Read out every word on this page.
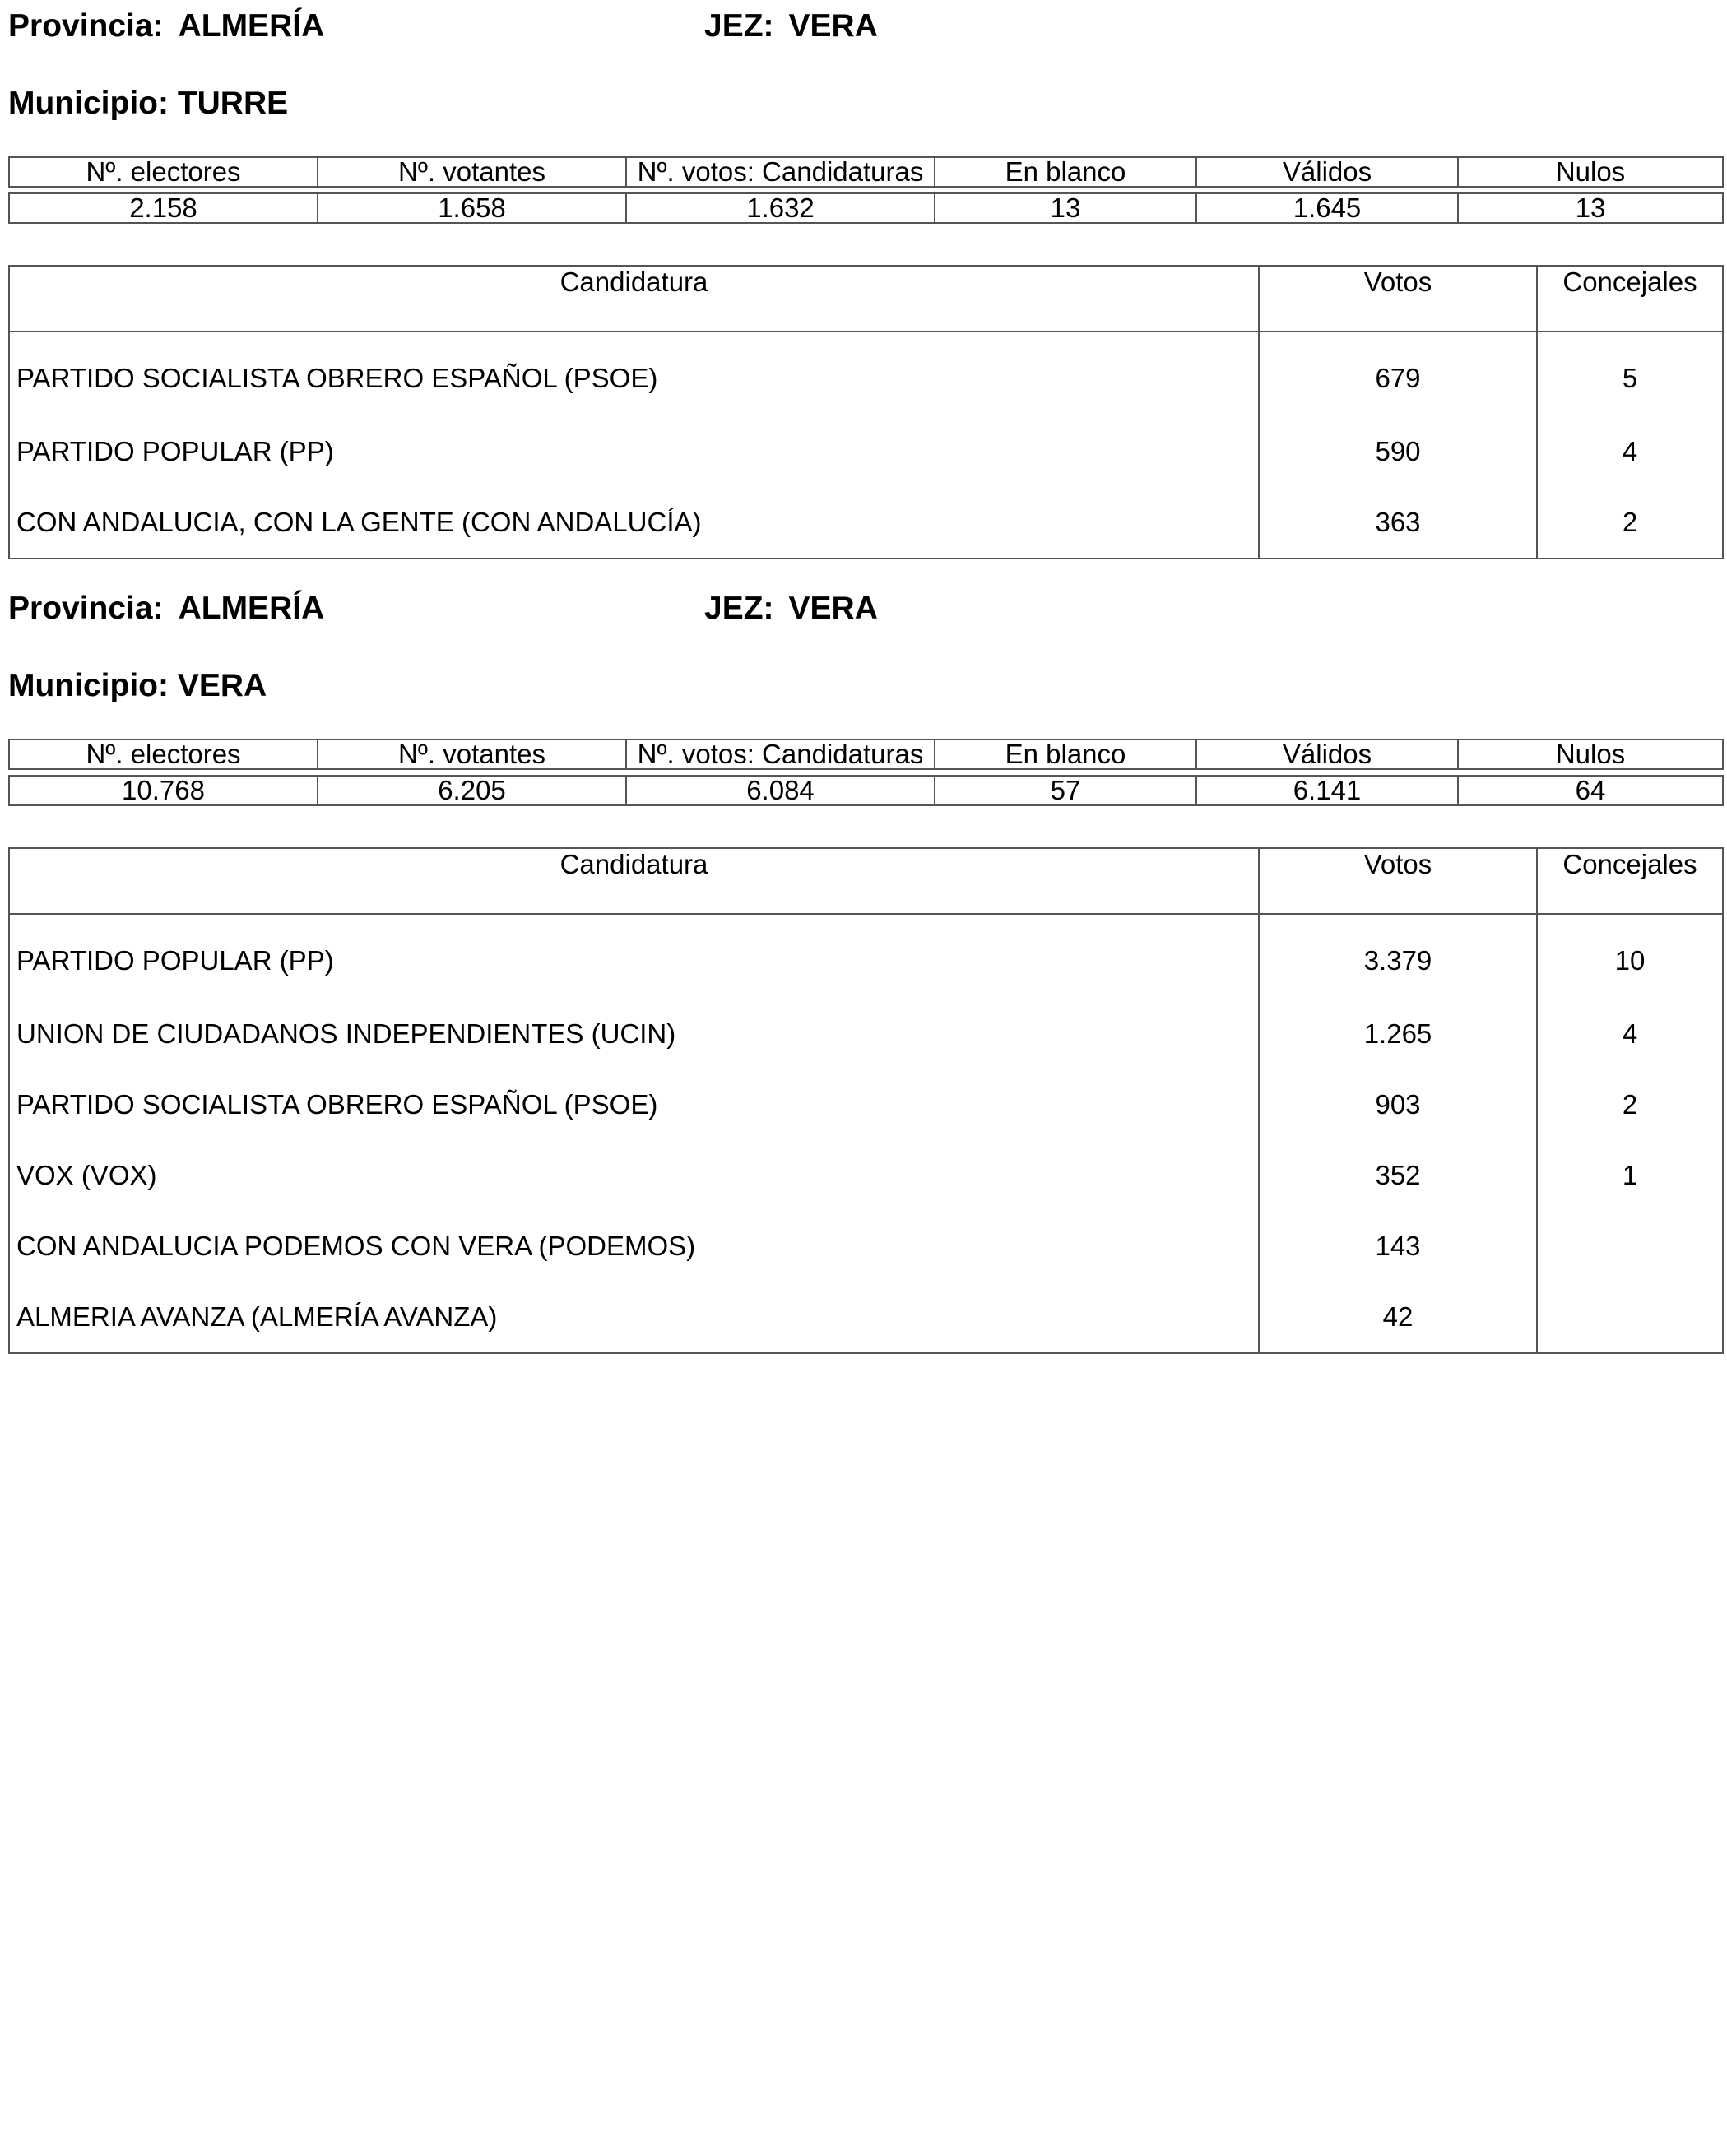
Provincia: ALMERÍA	JEZ: VERA
Municipio: TURRE
Nº. electores	Nº. votantes	Nº. votos: Candidaturas	En blanco	Válidos	Nulos

2.158	1.658	1.632	13	1.645	13
Candidatura	Votos	Concejales
PARTIDO SOCIALISTA OBRERO ESPAÑOL (PSOE)	679	5
PARTIDO POPULAR (PP)	590	4
CON ANDALUCIA, CON LA GENTE (CON ANDALUCÍA)	363	2
Provincia: ALMERÍA	JEZ: VERA
Municipio: VERA
Nº. electores	Nº. votantes	Nº. votos: Candidaturas	En blanco	Válidos	Nulos

10.768	6.205	6.084	57	6.141	64
Candidatura	Votos	Concejales
PARTIDO POPULAR (PP)	3.379	10
UNION DE CIUDADANOS INDEPENDIENTES (UCIN)	1.265	4
PARTIDO SOCIALISTA OBRERO ESPAÑOL (PSOE)	903	2
VOX (VOX)	352	1
CON ANDALUCIA PODEMOS CON VERA (PODEMOS)	143	
ALMERIA AVANZA (ALMERÍA AVANZA)	42	
